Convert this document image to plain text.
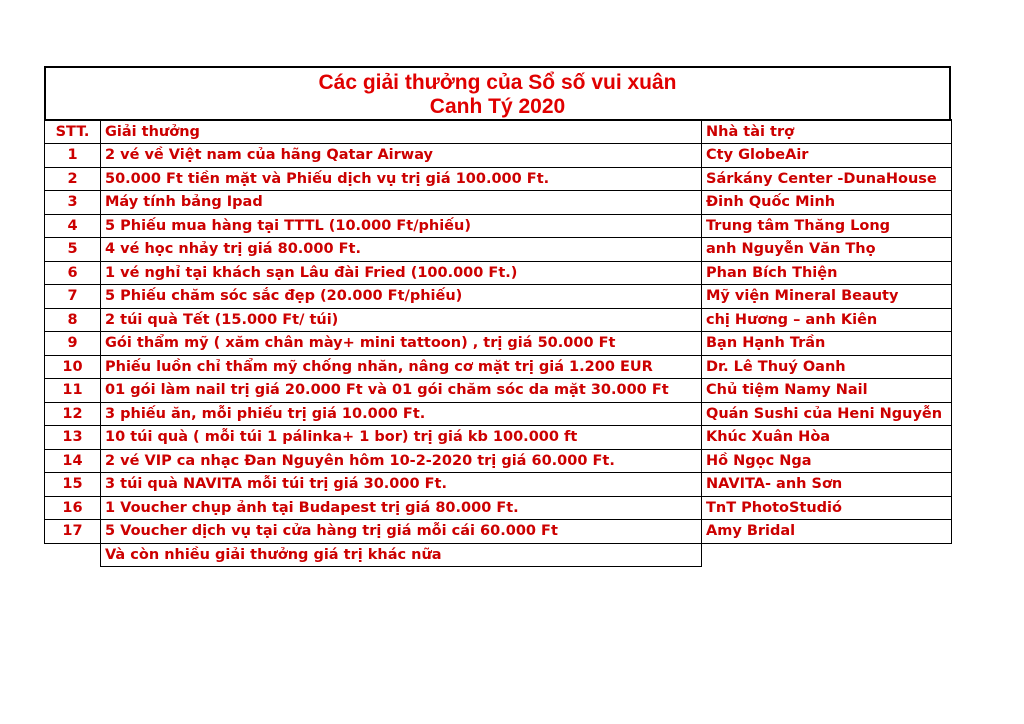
Các giải thưởng của Sổ số vui xuân
Canh Tý 2020
STT.	Giải thưởng	Nhà tài trợ
1	2 vé về Việt nam của hãng Qatar Airway	Cty GlobeAir
2	50.000 Ft tiền mặt và Phiếu dịch vụ trị giá 100.000 Ft.	Sárkány Center -DunaHouse
3	Máy tính bảng Ipad	Đinh Quốc Minh
4	5 Phiếu mua hàng tại TTTL (10.000 Ft/phiếu)	Trung tâm Thăng Long
5	4 vé học nhảy trị giá 80.000 Ft.	anh Nguyễn Văn Thọ
6	1 vé nghỉ tại khách sạn Lâu đài Fried (100.000 Ft.)	Phan Bích Thiện
7	5 Phiếu chăm sóc sắc đẹp (20.000 Ft/phiếu)	Mỹ viện Mineral Beauty
8	2 túi quà Tết (15.000 Ft/ túi)	chị Hương – anh Kiên
9	Gói thẩm mỹ ( xăm chân mày+ mini tattoon) , trị giá 50.000 Ft	Bạn Hạnh Trần
10	Phiếu luồn chỉ thẩm mỹ chống nhăn, nâng cơ mặt trị giá 1.200 EUR	Dr. Lê Thuý Oanh
11	01 gói làm nail trị giá 20.000 Ft và 01 gói chăm sóc da mặt 30.000 Ft	Chủ tiệm Namy Nail
12	3 phiếu ăn, mỗi phiếu trị giá 10.000 Ft.	Quán Sushi của Heni Nguyễn
13	10 túi quà ( mỗi túi 1 pálinka+ 1 bor) trị giá kb 100.000 ft	Khúc Xuân Hòa
14	2 vé VIP ca nhạc Đan Nguyên hôm 10-2-2020 trị giá 60.000 Ft.	Hồ Ngọc Nga
15	3 túi quà NAVITA mỗi túi trị giá 30.000 Ft.	NAVITA- anh Sơn
16	1 Voucher chụp ảnh tại Budapest trị giá 80.000 Ft.	TnT PhotoStudió
17	5 Voucher dịch vụ tại cửa hàng trị giá mỗi cái 60.000 Ft	Amy Bridal
	Và còn nhiều giải thưởng giá trị khác nữa	
